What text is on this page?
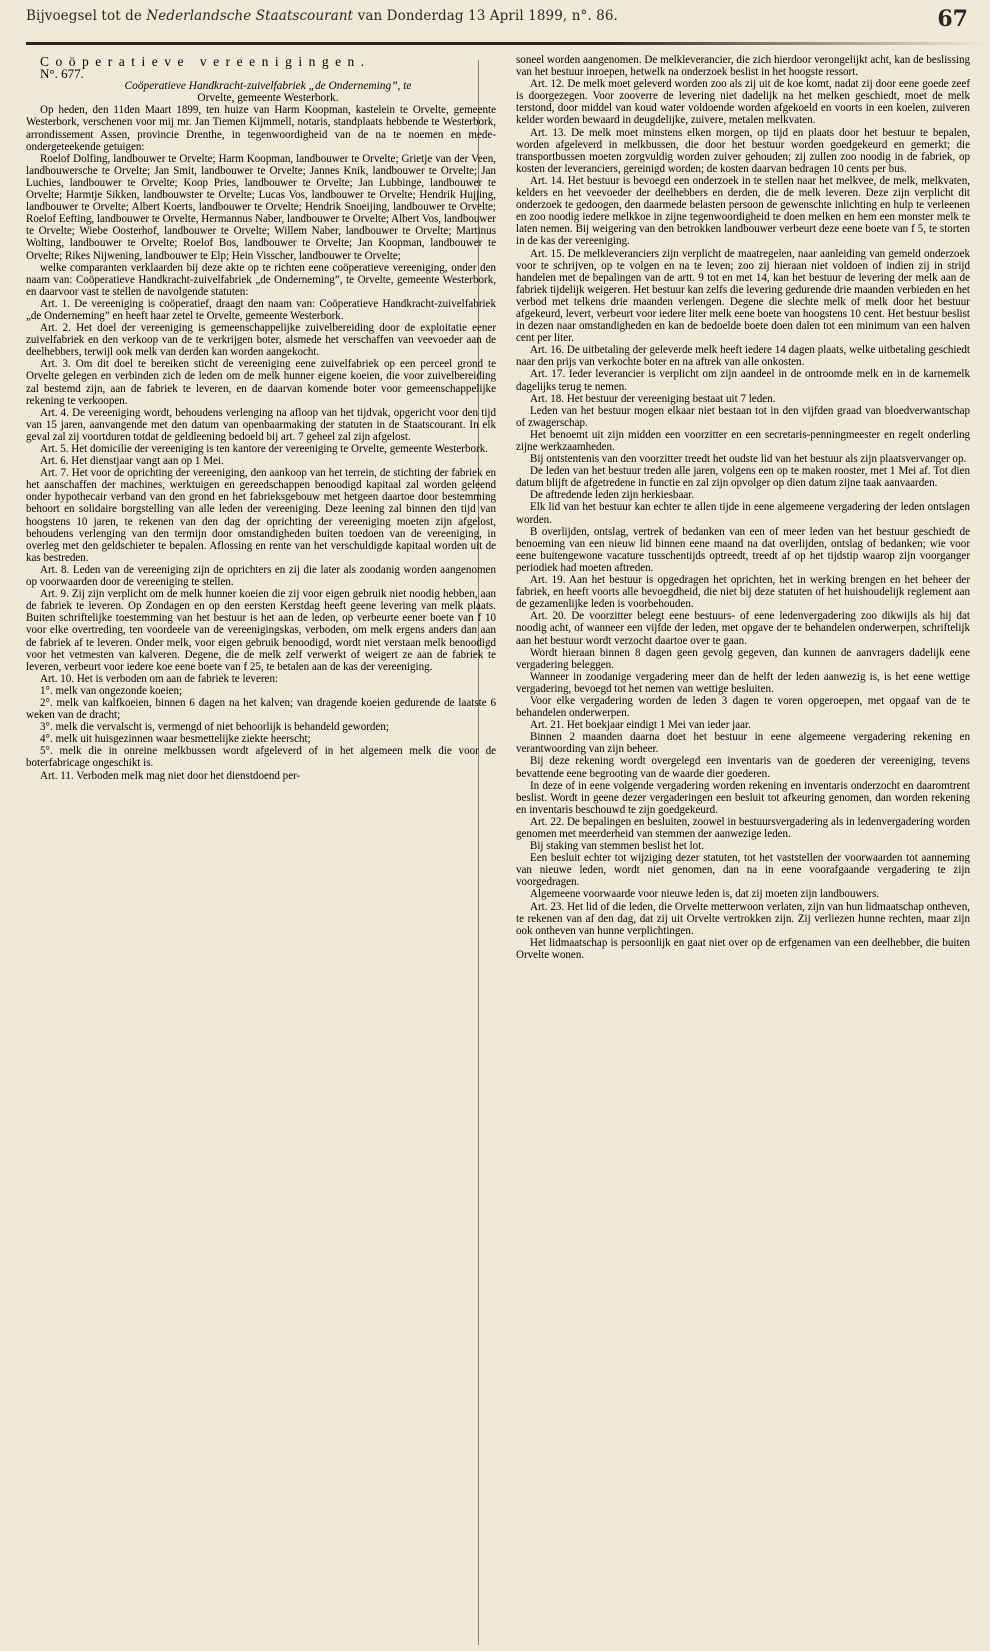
Bijvoegsel tot de Nederlandsche Staatscourant van Donderdag 13 April 1899, n°. 86.	67

Coöperatieve vereenigingen.

N°. 677.

Coöperatieve Handkracht-zuivelfabriek „de Onderneming”, te

Orvelte, gemeente Westerbork.

Op heden, den 11den Maart 1899, ten huize van Harm Koopman, kastelein te Orvelte, gemeente Westerbork, verschenen voor mij mr. Jan Tiemen Kijmmell, notaris, standplaats hebbende te Westerbork, arrondissement Assen, provincie Drenthe, in tegenwoordigheid van de na te noemen en mede-ondergeteekende getuigen:

Roelof Dolfing, landbouwer te Orvelte; Harm Koopman, landbouwer te Orvelte; Grietje van der Veen, landbouwersche te Orvelte; Jan Smit, landbouwer te Orvelte; Jannes Knik, landbouwer te Orvelte; Jan Luchies, landbouwer te Orvelte; Koop Pries, landbouwer te Orvelte; Jan Lubbinge, landbouwer te Orvelte; Harmtje Sikken, landbouwster te Orvelte; Lucas Vos, landbouwer te Orvelte; Hendrik Hujjing, landbouwer te Orvelte; Albert Koerts, landbouwer te Orvelte; Hendrik Snoeijing, landbouwer te Orvelte; Roelof Eefting, landbouwer te Orvelte, Hermannus Naber, landbouwer te Orvelte; Albert Vos, landbouwer te Orvelte; Wiebe Oosterhof, landbouwer te Orvelte; Willem Naber, landbouwer te Orvelte; Martinus Wolting, landbouwer te Orvelte; Roelof Bos, landbouwer te Orvelte; Jan Koopman, landbouwer te Orvelte; Rikes Nijwening, landbouwer te Elp; Hein Visscher, landbouwer te Orvelte;

welke comparanten verklaarden bij deze akte op te richten eene coöperatieve vereeniging, onder den naam van: Coöperatieve Handkracht-zuivelfabriek „de Onderneming”, te Orvelte, gemeente Westerbork, en daarvoor vast te stellen de navolgende statuten:

Art. 1. De vereeniging is coöperatief, draagt den naam van: Coöperatieve Handkracht-zuivelfabriek „de Onderneming” en heeft haar zetel te Orvelte, gemeente Westerbork.

Art. 2. Het doel der vereeniging is gemeenschappelijke zuivelbereiding door de exploitatie eener zuivelfabriek en den verkoop van de te verkrijgen boter, alsmede het verschaffen van veevoeder aan de deelhebbers, terwijl ook melk van derden kan worden aangekocht.

Art. 3. Om dit doel te bereiken sticht de vereeniging eene zuivelfabriek op een perceel grond te Orvelte gelegen en verbinden zich de leden om de melk hunner eigene koeien, die voor zuivelbereiding zal bestemd zijn, aan de fabriek te leveren, en de daarvan komende boter voor gemeenschappelijke rekening te verkoopen.

Art. 4. De vereeniging wordt, behoudens verlenging na afloop van het tijdvak, opgericht voor den tijd van 15 jaren, aanvangende met den datum van openbaarmaking der statuten in de Staatscourant. In elk geval zal zij voortduren totdat de geldleening bedoeld bij art. 7 geheel zal zijn afgelost.

Art. 5. Het domicilie der vereeniging is ten kantore der vereeniging te Orvelte, gemeente Westerbork.

Art. 6. Het dienstjaar vangt aan op 1 Mei.

Art. 7. Het voor de oprichting der vereeniging, den aankoop van het terrein, de stichting der fabriek en het aanschaffen der machines, werktuigen en gereedschappen benoodigd kapitaal zal worden geleend onder hypothecair verband van den grond en het fabrieksgebouw met hetgeen daartoe door bestemming behoort en solidaire borgstelling van alle leden der vereeniging. Deze leening zal binnen den tijd van hoogstens 10 jaren, te rekenen van den dag der oprichting der vereeniging moeten zijn afgelost, behoudens verlenging van den termijn door omstandigheden buiten toedoen van de vereeniging, in overleg met den geldschieter te bepalen. Aflossing en rente van het verschuldigde kapitaal worden uit de kas bestreden.

Art. 8. Leden van de vereeniging zijn de oprichters en zij die later als zoodanig worden aangenomen op voorwaarden door de vereeniging te stellen.

Art. 9. Zij zijn verplicht om de melk hunner koeien die zij voor eigen gebruik niet noodig hebben, aan de fabriek te leveren. Op Zondagen en op den eersten Kerstdag heeft geene levering van melk plaats. Buiten schriftelijke toestemming van het bestuur is het aan de leden, op verbeurte eener boete van f 10 voor elke overtreding, ten voordeele van de vereenigingskas, verboden, om melk ergens anders dan aan de fabriek af te leveren. Onder melk, voor eigen gebruik benoodigd, wordt niet verstaan melk benoodigd voor het vetmesten van kalveren. Degene, die de melk zelf verwerkt of weigert ze aan de fabriek te leveren, verbeurt voor iedere koe eene boete van f 25, te betalen aan de kas der vereeniging.

Art. 10. Het is verboden om aan de fabriek te leveren:

1°. melk van ongezonde koeien;

2°. melk van kalfkoeien, binnen 6 dagen na het kalven; van dragende koeien gedurende de laatste 6 weken van de dracht;

3°. melk die vervalscht is, vermengd of niet behoorlijk is behandeld geworden;

4°. melk uit huisgezinnen waar besmettelijke ziekte heerscht;

5°. melk die in onreine melkbussen wordt afgeleverd of in het algemeen melk die voor de boterfabricage ongeschikt is.

Art. 11. Verboden melk mag niet door het dienstdoend per-

soneel worden aangenomen. De melkleverancier, die zich hierdoor verongelijkt acht, kan de beslissing van het bestuur inroepen, hetwelk na onderzoek beslist in het hoogste ressort.

Art. 12. De melk moet geleverd worden zoo als zij uit de koe komt, nadat zij door eene goede zeef is doorgezegen. Voor zooverre de levering niet dadelijk na het melken geschiedt, moet de melk terstond, door middel van koud water voldoende worden afgekoeld en voorts in een koelen, zuiveren kelder worden bewaard in deugdelijke, zuivere, metalen melkvaten.

Art. 13. De melk moet minstens elken morgen, op tijd en plaats door het bestuur te bepalen, worden afgeleverd in melkbussen, die door het bestuur worden goedgekeurd en gemerkt; die transportbussen moeten zorgvuldig worden zuiver gehouden; zij zullen zoo noodig in de fabriek, op kosten der leveranciers, gereinigd worden; de kosten daarvan bedragen 10 cents per bus.

Art. 14. Het bestuur is bevoegd een onderzoek in te stellen naar het melkvee, de melk, melkvaten, kelders en het veevoeder der deelhebbers en derden, die de melk leveren. Deze zijn verplicht dit onderzoek te gedoogen, den daarmede belasten persoon de gewenschte inlichting en hulp te verleenen en zoo noodig iedere melkkoe in zijne tegenwoordigheid te doen melken en hem een monster melk te laten nemen. Bij weigering van den betrokken landbouwer verbeurt deze eene boete van f 5, te storten in de kas der vereeniging.

Art. 15. De melkleveranciers zijn verplicht de maatregelen, naar aanleiding van gemeld onderzoek voor te schrijven, op te volgen en na te leven; zoo zij hieraan niet voldoen of indien zij in strijd handelen met de bepalingen van de artt. 9 tot en met 14, kan het bestuur de levering der melk aan de fabriek tijdelijk weigeren. Het bestuur kan zelfs die levering gedurende drie maanden verbieden en het verbod met telkens drie maanden verlengen. Degene die slechte melk of melk door het bestuur afgekeurd, levert, verbeurt voor iedere liter melk eene boete van hoogstens 10 cent. Het bestuur beslist in dezen naar omstandigheden en kan de bedoelde boete doen dalen tot een minimum van een halven cent per liter.

Art. 16. De uitbetaling der geleverde melk heeft iedere 14 dagen plaats, welke uitbetaling geschiedt naar den prijs van verkochte boter en na aftrek van alle onkosten.

Art. 17. Ieder leverancier is verplicht om zijn aandeel in de ontroomde melk en in de karnemelk dagelijks terug te nemen.

Art. 18. Het bestuur der vereeniging bestaat uit 7 leden.

Leden van het bestuur mogen elkaar niet bestaan tot in den vijfden graad van bloedverwantschap of zwagerschap.

Het benoemt uit zijn midden een voorzitter en een secretaris-penningmeester en regelt onderling zijne werkzaamheden.

Bij ontstentenis van den voorzitter treedt het oudste lid van het bestuur als zijn plaatsvervanger op.

De leden van het bestuur treden alle jaren, volgens een op te maken rooster, met 1 Mei af. Tot dien datum blijft de afgetredene in functie en zal zijn opvolger op dien datum zijne taak aanvaarden.

De aftredende leden zijn herkiesbaar.

Elk lid van het bestuur kan echter te allen tijde in eene algemeene vergadering der leden ontslagen worden.

B overlijden, ontslag, vertrek of bedanken van een of meer leden van het bestuur geschiedt de benoeming van een nieuw lid binnen eene maand na dat overlijden, ontslag of bedanken; wie voor eene buitengewone vacature tusschentijds optreedt, treedt af op het tijdstip waarop zijn voorganger periodiek had moeten aftreden.

Art. 19. Aan het bestuur is opgedragen het oprichten, het in werking brengen en het beheer der fabriek, en heeft voorts alle bevoegdheid, die niet bij deze statuten of het huishoudelijk reglement aan de gezamenlijke leden is voorbehouden.

Art. 20. De voorzitter belegt eene bestuurs- of eene ledenvergadering zoo dikwijls als hij dat noodig acht, of wanneer een vijfde der leden, met opgave der te behandelen onderwerpen, schriftelijk aan het bestuur wordt verzocht daartoe over te gaan.

Wordt hieraan binnen 8 dagen geen gevolg gegeven, dan kunnen de aanvragers dadelijk eene vergadering beleggen.

Wanneer in zoodanige vergadering meer dan de helft der leden aanwezig is, is het eene wettige vergadering, bevoegd tot het nemen van wettige besluiten.

Voor elke vergadering worden de leden 3 dagen te voren opgeroepen, met opgaaf van de te behandelen onderwerpen.

Art. 21. Het boekjaar eindigt 1 Mei van ieder jaar.

Binnen 2 maanden daarna doet het bestuur in eene algemeene vergadering rekening en verantwoording van zijn beheer.

Bij deze rekening wordt overgelegd een inventaris van de goederen der vereeniging, tevens bevattende eene begrooting van de waarde dier goederen.

In deze of in eene volgende vergadering worden rekening en inventaris onderzocht en daaromtrent beslist. Wordt in geene dezer vergaderingen een besluit tot afkeuring genomen, dan worden rekening en inventaris beschouwd te zijn goedgekeurd.

Art. 22. De bepalingen en besluiten, zoowel in bestuursvergadering als in ledenvergadering worden genomen met meerderheid van stemmen der aanwezige leden.

Bij staking van stemmen beslist het lot.

Een besluit echter tot wijziging dezer statuten, tot het vaststellen der voorwaarden tot aanneming van nieuwe leden, wordt niet genomen, dan na in eene voorafgaande vergadering te zijn voorgedragen.

Algemeene voorwaarde voor nieuwe leden is, dat zij moeten zijn landbouwers.

Art. 23. Het lid of die leden, die Orvelte metterwoon verlaten, zijn van hun lidmaatschap ontheven, te rekenen van af den dag, dat zij uit Orvelte vertrokken zijn. Zij verliezen hunne rechten, maar zijn ook ontheven van hunne verplichtingen.

Het lidmaatschap is persoonlijk en gaat niet over op de erfgenamen van een deelhebber, die buiten Orvelte wonen.
